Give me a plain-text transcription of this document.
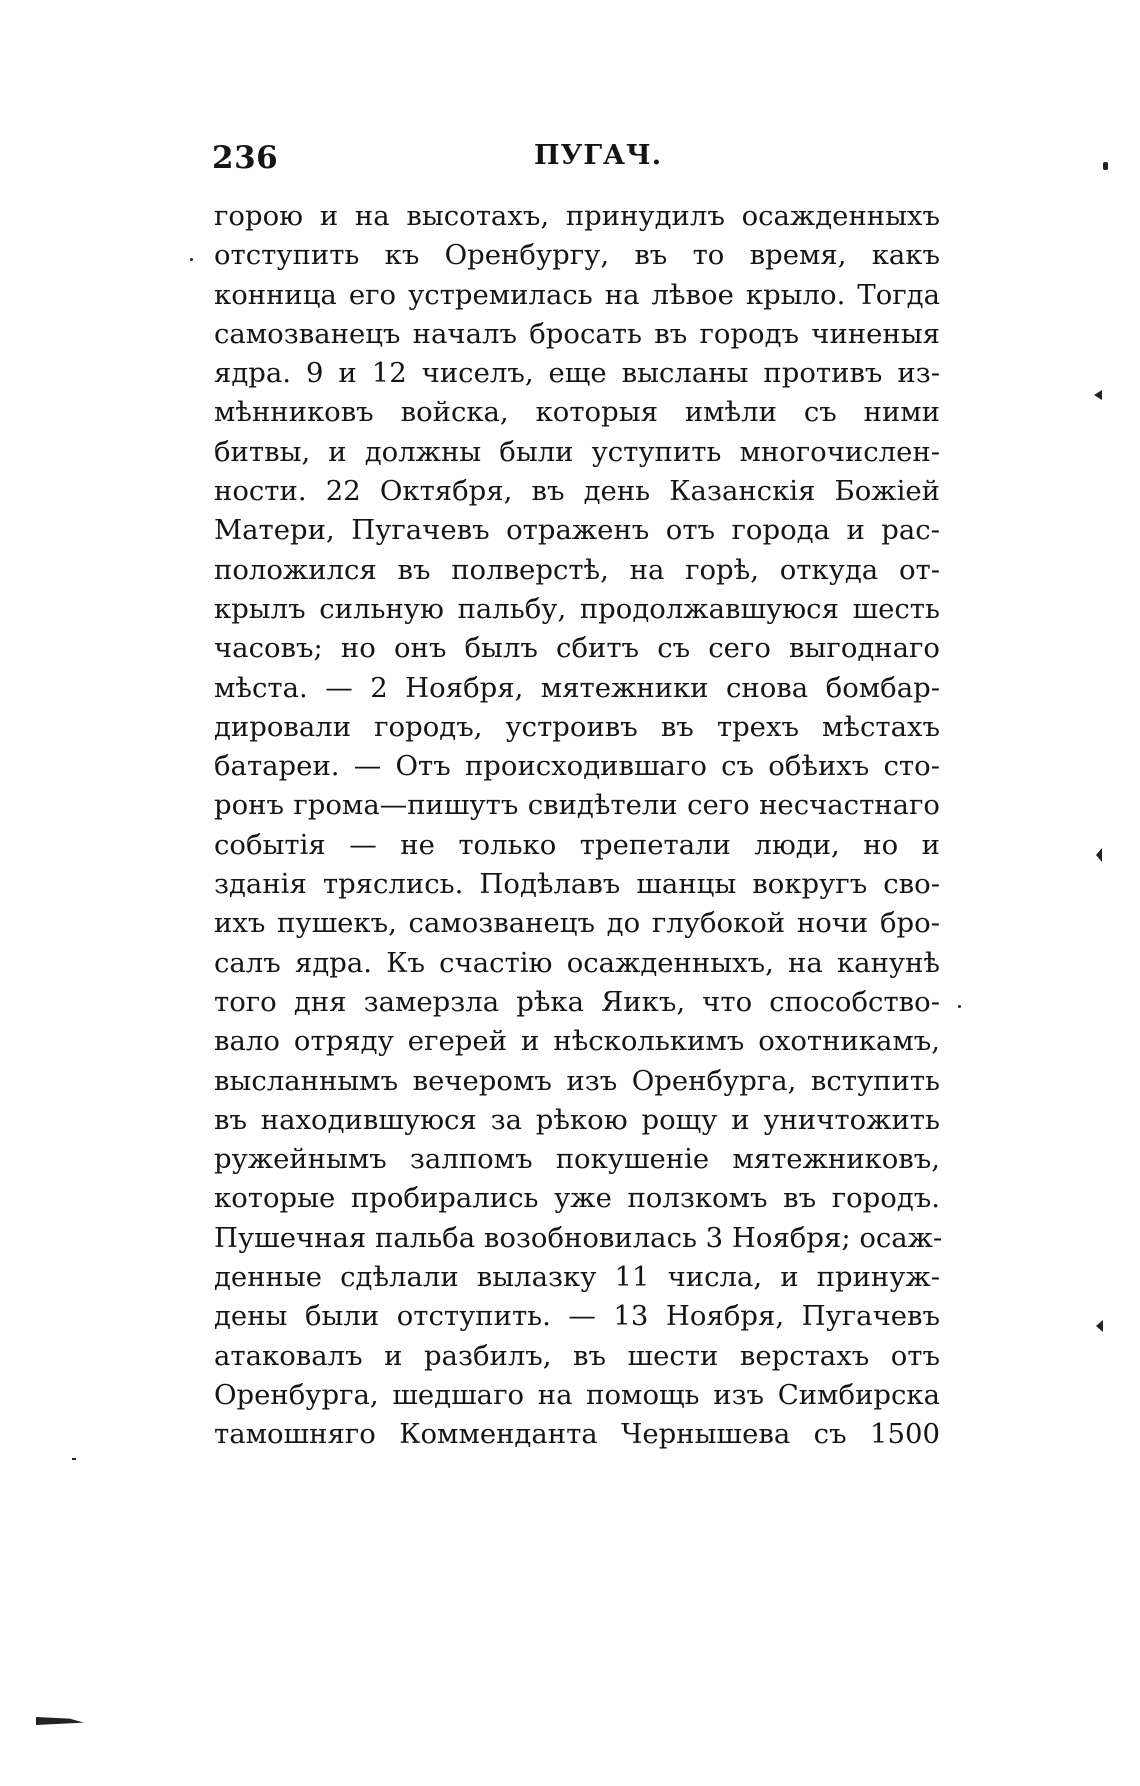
236	ПУГАЧ.
горою и на высотахъ, принудилъ осажденныхъ
отступить къ Оренбургу, въ то время, какъ
конница его устремилась на лѣвое крыло. Тогда
самозванецъ началъ бросать въ городъ чиненыя
ядра. 9 и 12 чиселъ, еще высланы противъ из-
мѣнниковъ войска, которыя имѣли съ ними
битвы, и должны были уступить многочислен-
ности. 22 Октября, въ день Казанскія Божіей
Матери, Пугачевъ отраженъ отъ города и рас-
положился въ полверстѣ, на горѣ, откуда от-
крылъ сильную пальбу, продолжавшуюся шесть
часовъ; но онъ былъ сбитъ съ сего выгоднаго
мѣста. — 2 Ноября, мятежники снова бомбар-
дировали городъ, устроивъ въ трехъ мѣстахъ
батареи. — Отъ происходившаго съ обѣихъ сто-
ронъ грома—пишутъ свидѣтели сего несчастнаго
событія — не только трепетали люди, но и
зданія тряслись. Подѣлавъ шанцы вокругъ сво-
ихъ пушекъ, самозванецъ до глубокой ночи бро-
салъ ядра. Къ счастію осажденныхъ, на канунѣ
того дня замерзла рѣка Яикъ, что способство-
вало отряду егерей и нѣсколькимъ охотникамъ,
высланнымъ вечеромъ изъ Оренбурга, вступить
въ находившуюся за рѣкою рощу и уничтожить
ружейнымъ залпомъ покушеніе мятежниковъ,
которые пробирались уже ползкомъ въ городъ.
Пушечная пальба возобновилась 3 Ноября; осаж-
денные сдѣлали вылазку 11 числа, и принуж-
дены были отступить. — 13 Ноября, Пугачевъ
атаковалъ и разбилъ, въ шести верстахъ отъ
Оренбурга, шедшаго на помощь изъ Симбирска
тамошняго Коммендантa Чернышева съ 1500
